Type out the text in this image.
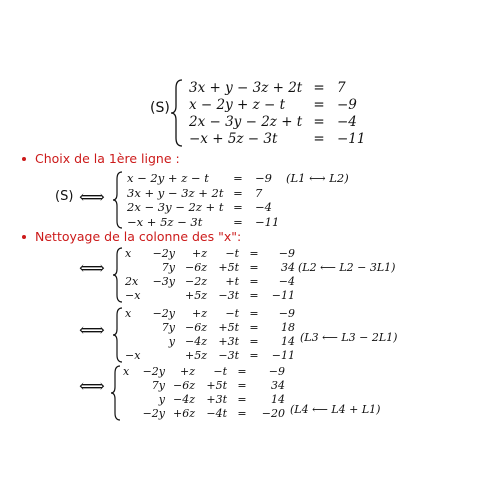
(S)
3x + y − 3z + 2t = 7
x − 2y + z − t	= −9
2x − 3y − 2z + t = −4
−x + 5z − 3t	= −11
Choix de la 1ère ligne :
(S) ⟺
x − 2y + z − t	=	−9
3x + y − 3z + 2t =	7
2x − 3y − 2z + t =	−4
−x + 5z − 3t	=	−11
(L1 ⟷ L2)
Nettoyage de la colonne des "x":
⟺
x	−2y	+z	−t =	−9
7y −6z	+5t =	34
2x	−3y −2z	+t =	−4
−x	+5z	−3t =	−11
(L2 ⟵ L2 − 3L1)
⟺
x	−2y	+z	−t =	−9
7y −6z	+5t =	18
y −4z	+3t =	14
−x	+5z	−3t =	−11
(L3 ⟵ L3 − 2L1)
⟺
x	−2y	+z	−t =	−9
7y −6z	+5t =	34
y −4z	+3t =	14
−2y +6z	−4t =	−20 (L4 ⟵ L4 + L1)
